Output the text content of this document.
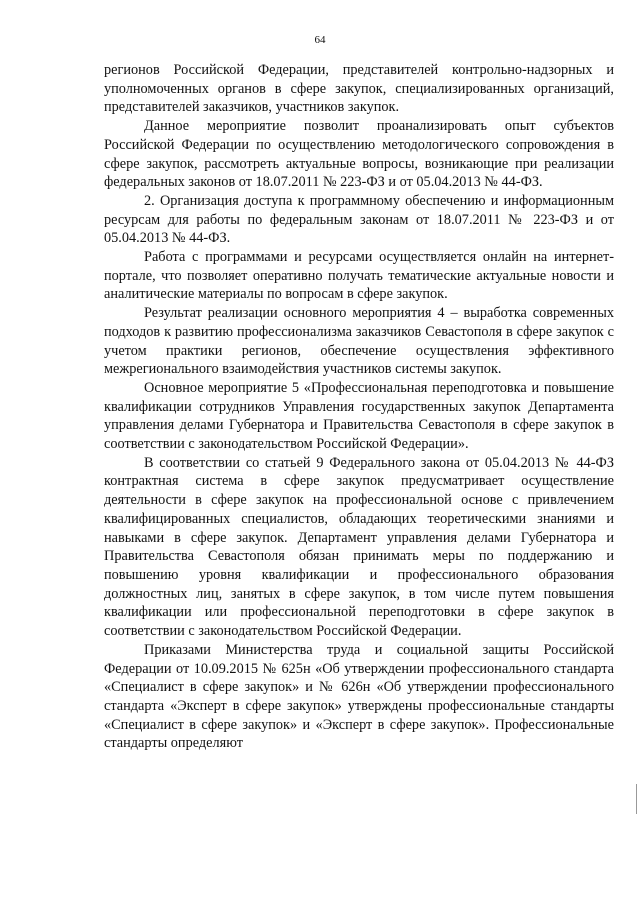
64

регионов Российской Федерации, представителей контрольно-надзорных и уполномоченных органов в сфере закупок, специализированных организаций, представителей заказчиков, участников закупок.

Данное мероприятие позволит проанализировать опыт субъектов Российской Федерации по осуществлению методологического сопровождения в сфере закупок, рассмотреть актуальные вопросы, возникающие при реализации федеральных законов от 18.07.2011 № 223-ФЗ и от 05.04.2013 № 44-ФЗ.

2. Организация доступа к программному обеспечению и информационным ресурсам для работы по федеральным законам от 18.07.2011 № 223-ФЗ и от 05.04.2013 № 44-ФЗ.

Работа с программами и ресурсами осуществляется онлайн на интернет-портале, что позволяет оперативно получать тематические актуальные новости и аналитические материалы по вопросам в сфере закупок.

Результат реализации основного мероприятия 4 – выработка современных подходов к развитию профессионализма заказчиков Севастополя в сфере закупок с учетом практики регионов, обеспечение осуществления эффективного межрегионального взаимодействия участников системы закупок.

Основное мероприятие 5 «Профессиональная переподготовка и повышение квалификации сотрудников Управления государственных закупок Департамента управления делами Губернатора и Правительства Севастополя в сфере закупок в соответствии с законодательством Российской Федерации».

В соответствии со статьей 9 Федерального закона от 05.04.2013 № 44-ФЗ контрактная система в сфере закупок предусматривает осуществление деятельности в сфере закупок на профессиональной основе с привлечением квалифицированных специалистов, обладающих теоретическими знаниями и навыками в сфере закупок. Департамент управления делами Губернатора и Правительства Севастополя обязан принимать меры по поддержанию и повышению уровня квалификации и профессионального образования должностных лиц, занятых в сфере закупок, в том числе путем повышения квалификации или профессиональной переподготовки в сфере закупок в соответствии с законодательством Российской Федерации.

Приказами Министерства труда и социальной защиты Российской Федерации от 10.09.2015 № 625н «Об утверждении профессионального стандарта «Специалист в сфере закупок» и № 626н «Об утверждении профессионального стандарта «Эксперт в сфере закупок» утверждены профессиональные стандарты «Специалист в сфере закупок» и «Эксперт в сфере закупок». Профессиональные стандарты определяют
